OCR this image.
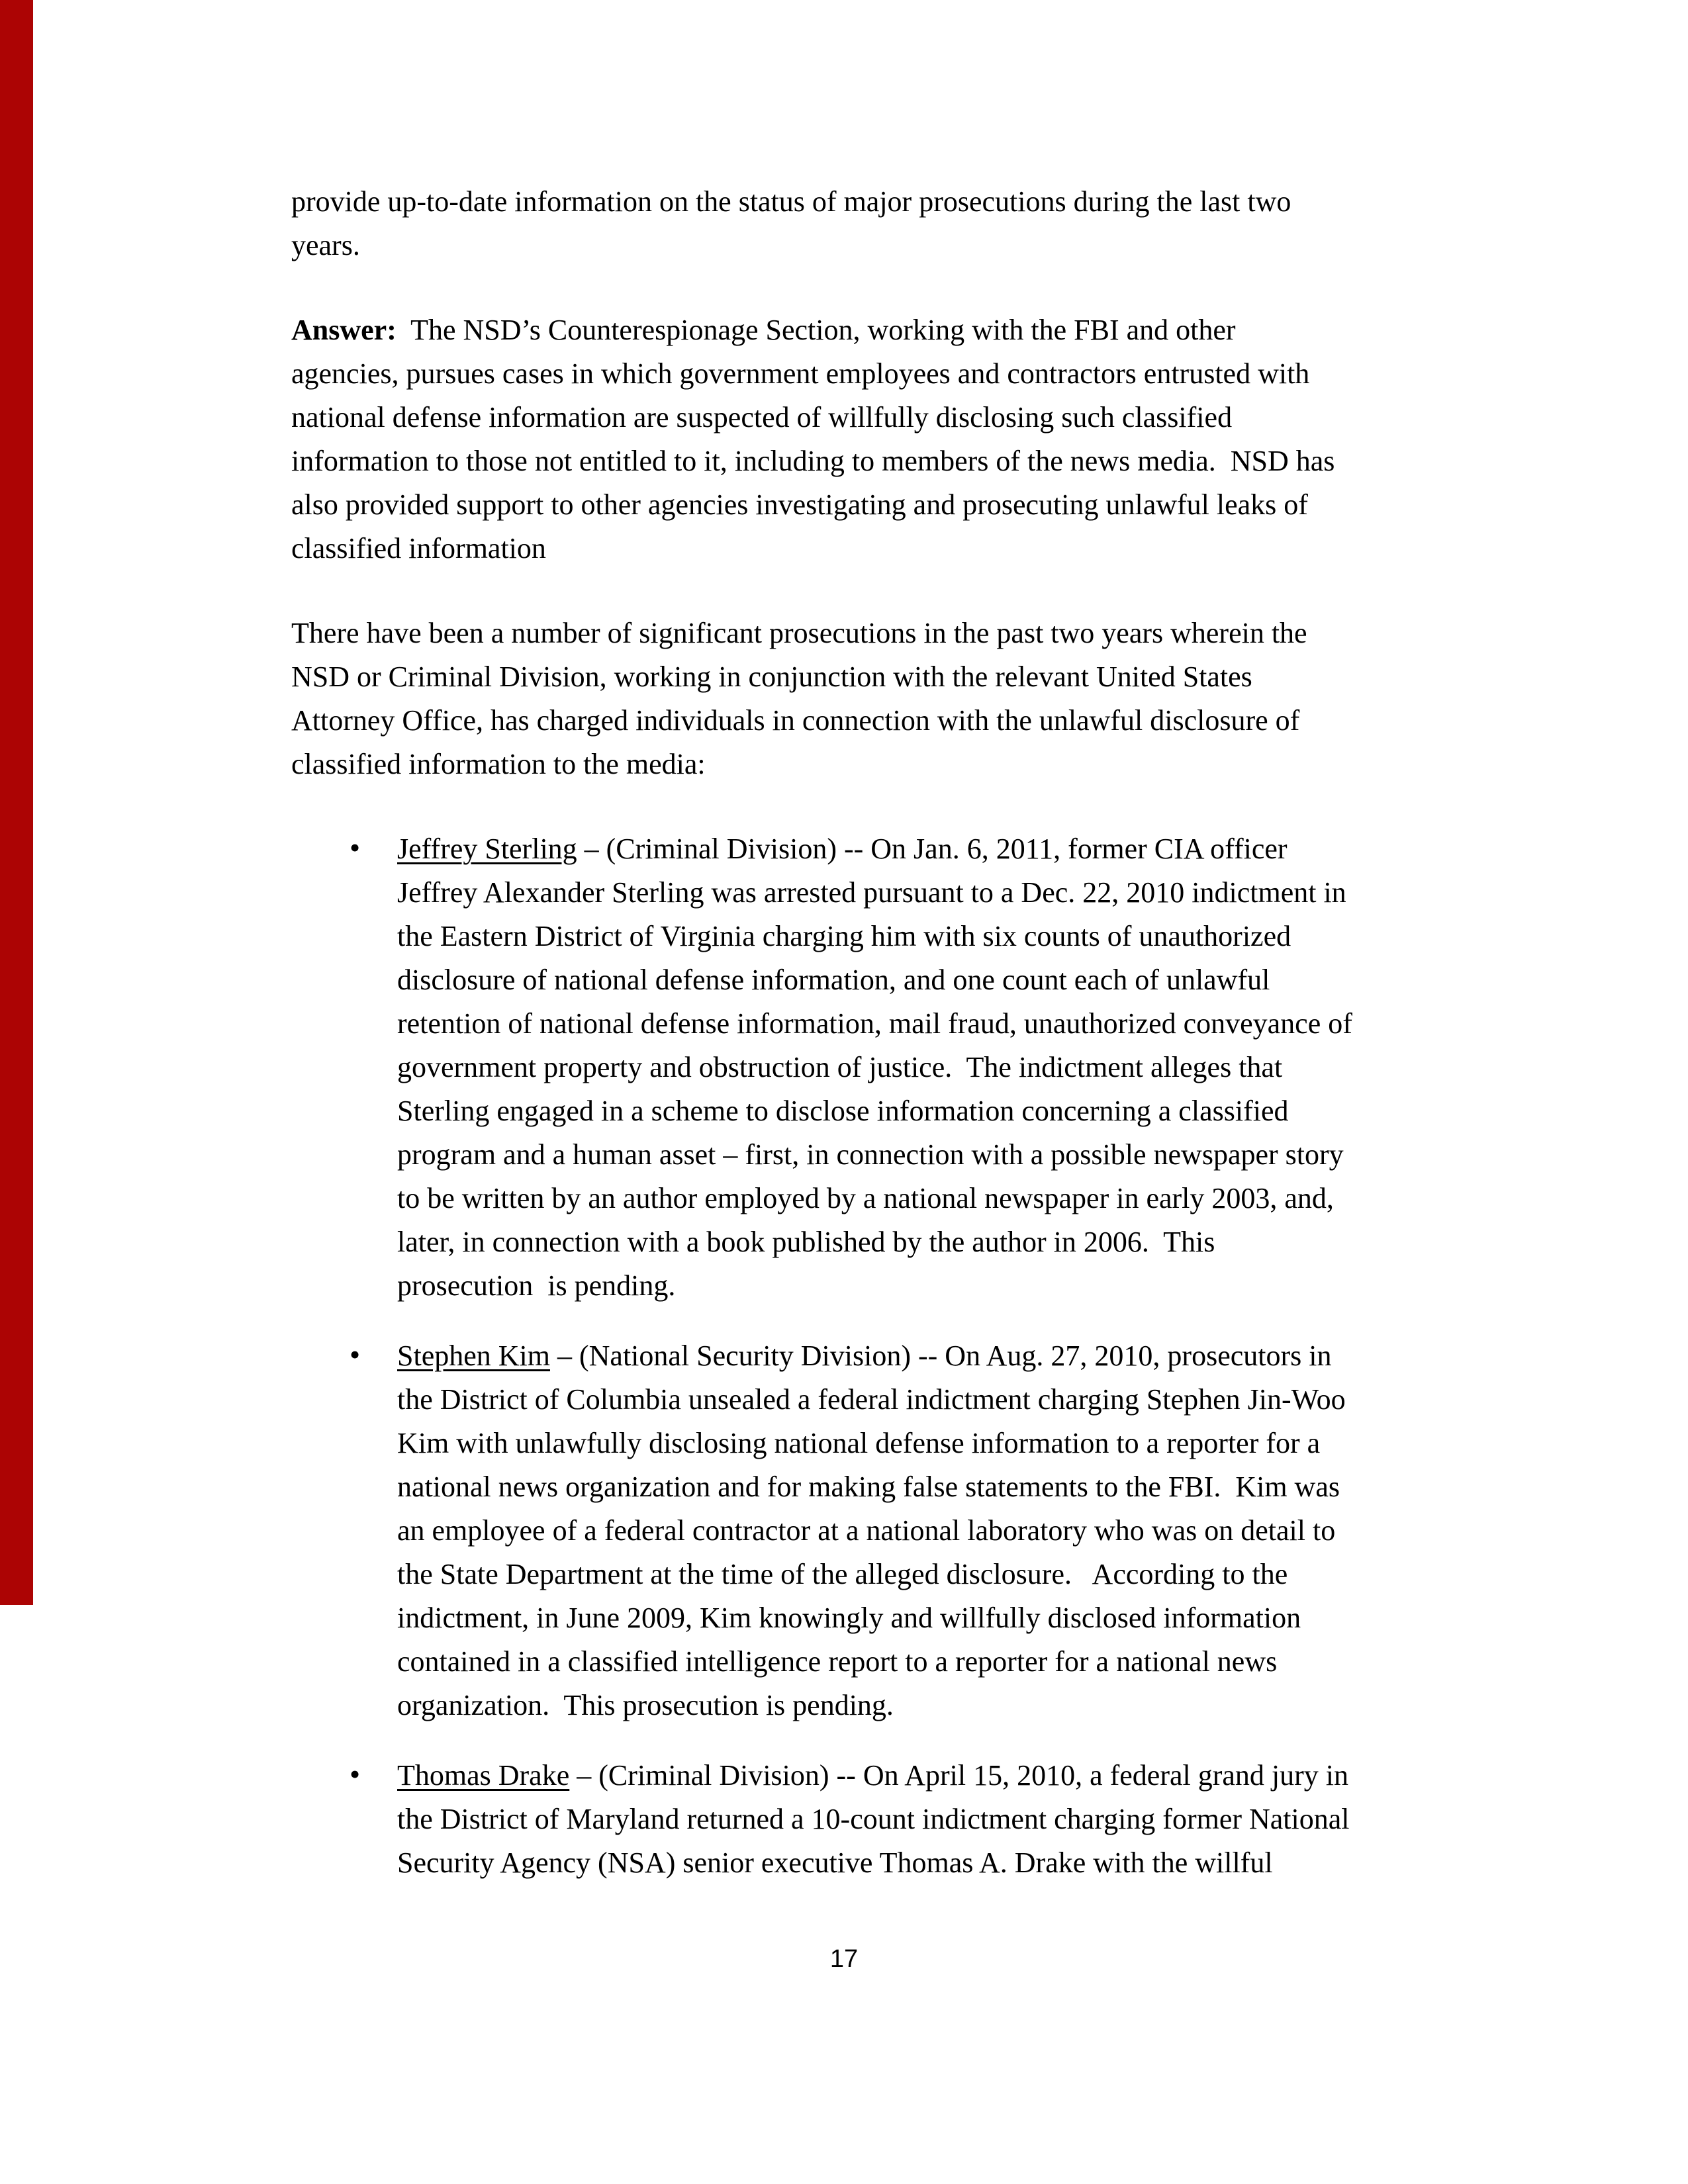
provide up-to-date information on the status of major prosecutions during the last two
years.
Answer:  The NSD’s Counterespionage Section, working with the FBI and other
agencies, pursues cases in which government employees and contractors entrusted with
national defense information are suspected of willfully disclosing such classified
information to those not entitled to it, including to members of the news media.  NSD has
also provided support to other agencies investigating and prosecuting unlawful leaks of
classified information
There have been a number of significant prosecutions in the past two years wherein the
NSD or Criminal Division, working in conjunction with the relevant United States
Attorney Office, has charged individuals in connection with the unlawful disclosure of
classified information to the media:
• Jeffrey Sterling – (Criminal Division) -- On Jan. 6, 2011, former CIA officer
Jeffrey Alexander Sterling was arrested pursuant to a Dec. 22, 2010 indictment in
the Eastern District of Virginia charging him with six counts of unauthorized
disclosure of national defense information, and one count each of unlawful
retention of national defense information, mail fraud, unauthorized conveyance of
government property and obstruction of justice.  The indictment alleges that
Sterling engaged in a scheme to disclose information concerning a classified
program and a human asset – first, in connection with a possible newspaper story
to be written by an author employed by a national newspaper in early 2003, and,
later, in connection with a book published by the author in 2006.  This
prosecution  is pending.
• Stephen Kim – (National Security Division) -- On Aug. 27, 2010, prosecutors in
the District of Columbia unsealed a federal indictment charging Stephen Jin-Woo
Kim with unlawfully disclosing national defense information to a reporter for a
national news organization and for making false statements to the FBI.  Kim was
an employee of a federal contractor at a national laboratory who was on detail to
the State Department at the time of the alleged disclosure.   According to the
indictment, in June 2009, Kim knowingly and willfully disclosed information
contained in a classified intelligence report to a reporter for a national news
organization.  This prosecution is pending.
• Thomas Drake – (Criminal Division) -- On April 15, 2010, a federal grand jury in
the District of Maryland returned a 10-count indictment charging former National
Security Agency (NSA) senior executive Thomas A. Drake with the willful
17
